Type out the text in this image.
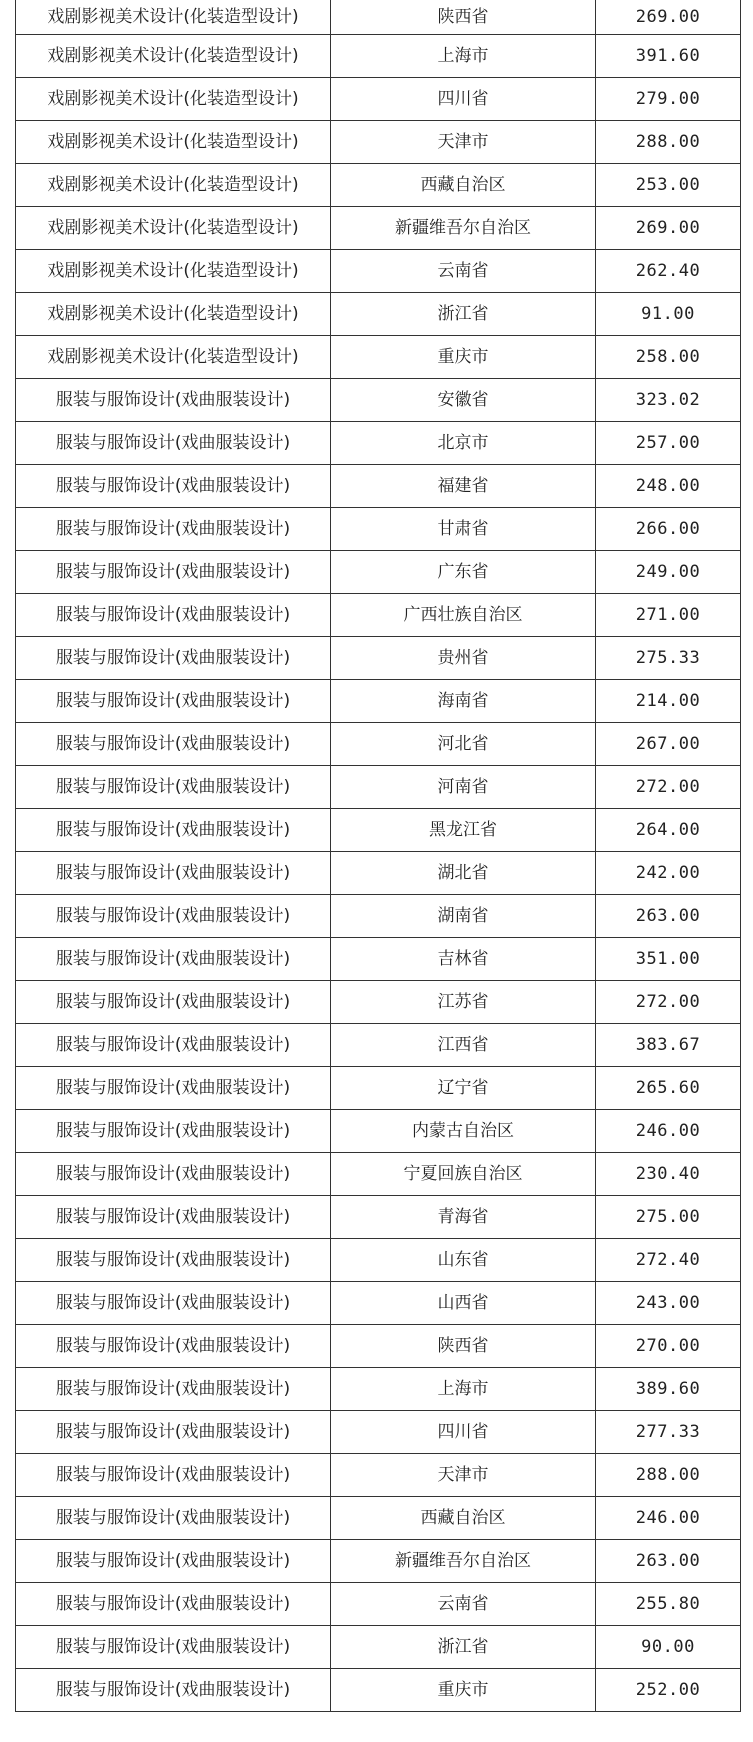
戏剧影视美术设计(化装造型设计)	陕西省	269.00
戏剧影视美术设计(化装造型设计)	上海市	391.60
戏剧影视美术设计(化装造型设计)	四川省	279.00
戏剧影视美术设计(化装造型设计)	天津市	288.00
戏剧影视美术设计(化装造型设计)	西藏自治区	253.00
戏剧影视美术设计(化装造型设计)	新疆维吾尔自治区	269.00
戏剧影视美术设计(化装造型设计)	云南省	262.40
戏剧影视美术设计(化装造型设计)	浙江省	91.00
戏剧影视美术设计(化装造型设计)	重庆市	258.00
服装与服饰设计(戏曲服装设计)	安徽省	323.02
服装与服饰设计(戏曲服装设计)	北京市	257.00
服装与服饰设计(戏曲服装设计)	福建省	248.00
服装与服饰设计(戏曲服装设计)	甘肃省	266.00
服装与服饰设计(戏曲服装设计)	广东省	249.00
服装与服饰设计(戏曲服装设计)	广西壮族自治区	271.00
服装与服饰设计(戏曲服装设计)	贵州省	275.33
服装与服饰设计(戏曲服装设计)	海南省	214.00
服装与服饰设计(戏曲服装设计)	河北省	267.00
服装与服饰设计(戏曲服装设计)	河南省	272.00
服装与服饰设计(戏曲服装设计)	黑龙江省	264.00
服装与服饰设计(戏曲服装设计)	湖北省	242.00
服装与服饰设计(戏曲服装设计)	湖南省	263.00
服装与服饰设计(戏曲服装设计)	吉林省	351.00
服装与服饰设计(戏曲服装设计)	江苏省	272.00
服装与服饰设计(戏曲服装设计)	江西省	383.67
服装与服饰设计(戏曲服装设计)	辽宁省	265.60
服装与服饰设计(戏曲服装设计)	内蒙古自治区	246.00
服装与服饰设计(戏曲服装设计)	宁夏回族自治区	230.40
服装与服饰设计(戏曲服装设计)	青海省	275.00
服装与服饰设计(戏曲服装设计)	山东省	272.40
服装与服饰设计(戏曲服装设计)	山西省	243.00
服装与服饰设计(戏曲服装设计)	陕西省	270.00
服装与服饰设计(戏曲服装设计)	上海市	389.60
服装与服饰设计(戏曲服装设计)	四川省	277.33
服装与服饰设计(戏曲服装设计)	天津市	288.00
服装与服饰设计(戏曲服装设计)	西藏自治区	246.00
服装与服饰设计(戏曲服装设计)	新疆维吾尔自治区	263.00
服装与服饰设计(戏曲服装设计)	云南省	255.80
服装与服饰设计(戏曲服装设计)	浙江省	90.00
服装与服饰设计(戏曲服装设计)	重庆市	252.00
